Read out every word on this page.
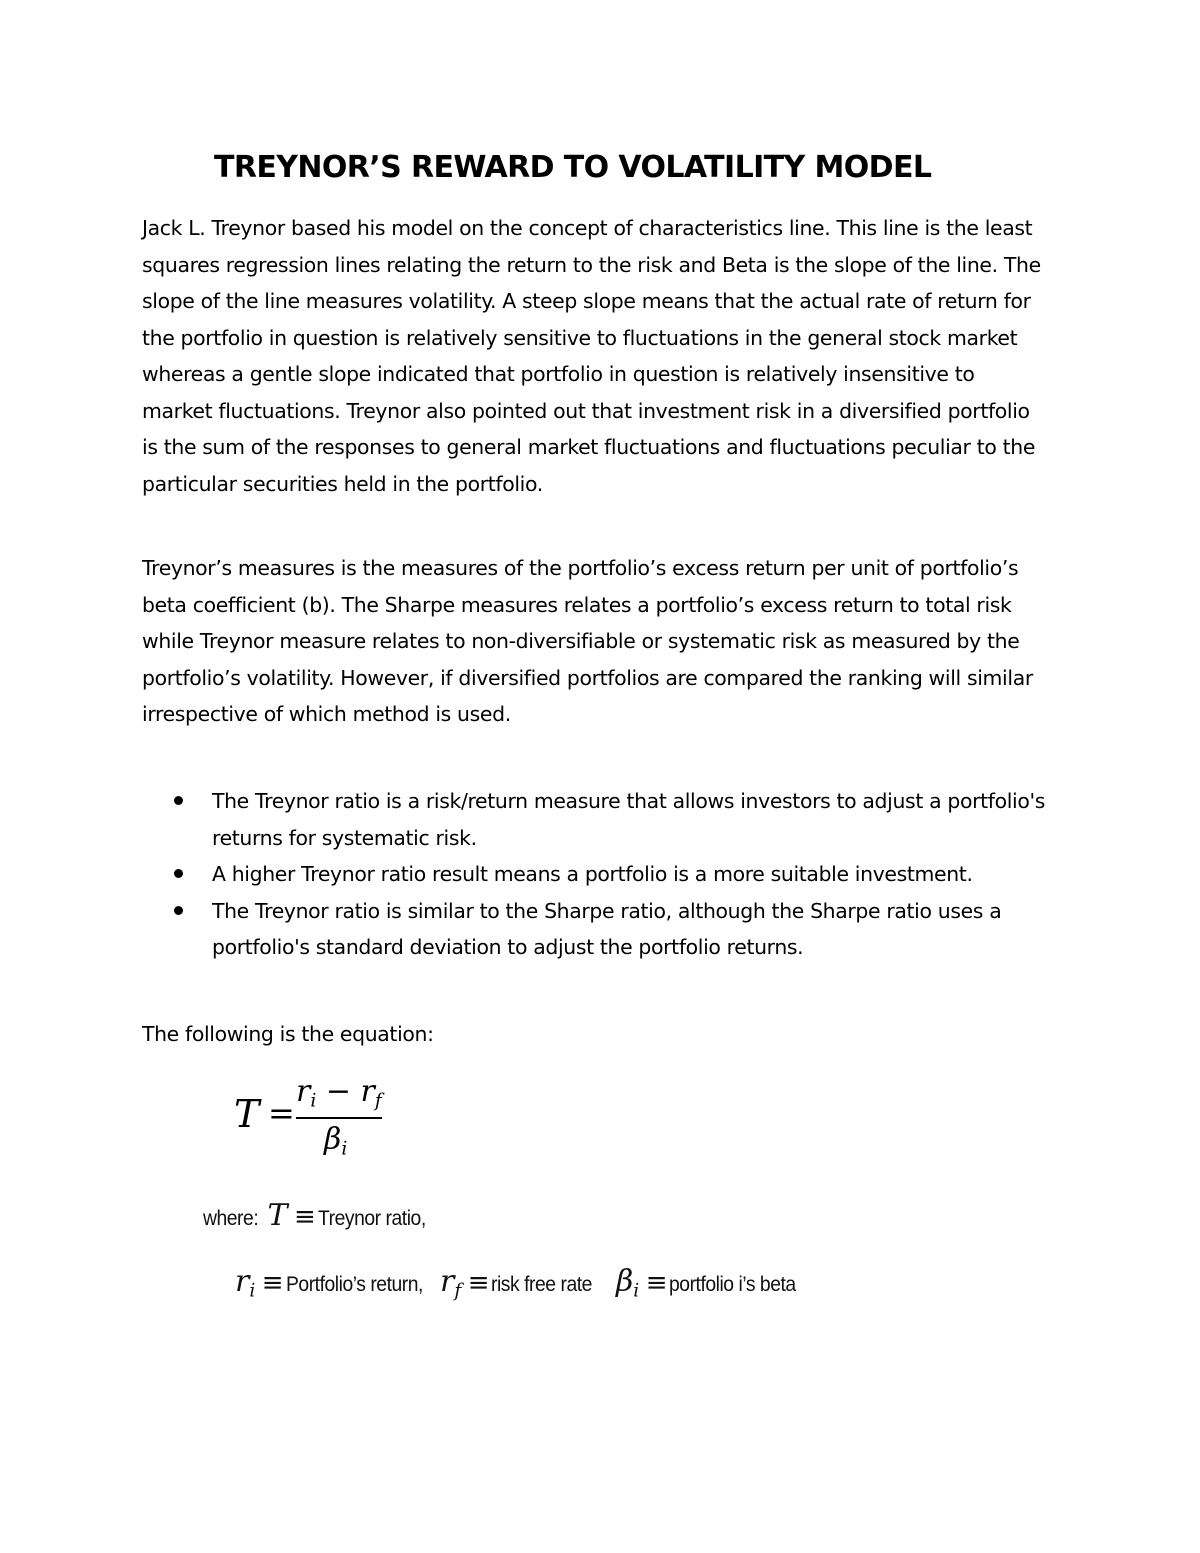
TREYNOR’S REWARD TO VOLATILITY MODEL

Jack L. Treynor based his model on the concept of characteristics line. This line is the least squares regression lines relating the return to the risk and Beta is the slope of the line. The slope of the line measures volatility. A steep slope means that the actual rate of return for the portfolio in question is relatively sensitive to fluctuations in the general stock market whereas a gentle slope indicated that portfolio in question is relatively insensitive to market fluctuations. Treynor also pointed out that investment risk in a diversified portfolio is the sum of the responses to general market fluctuations and fluctuations peculiar to the particular securities held in the portfolio.

Treynor’s measures is the measures of the portfolio’s excess return per unit of portfolio’s beta coefficient (b). The Sharpe measures relates a portfolio’s excess return to total risk while Treynor measure relates to non-diversifiable or systematic risk as measured by the portfolio’s volatility. However, if diversified portfolios are compared the ranking will similar irrespective of which method is used.

The Treynor ratio is a risk/return measure that allows investors to adjust a portfolio's returns for systematic risk.
A higher Treynor ratio result means a portfolio is a more suitable investment.
The Treynor ratio is similar to the Sharpe ratio, although the Sharpe ratio uses a portfolio's standard deviation to adjust the portfolio returns.

The following is the equation:

T =
$r_i - r_f$
$\beta_i$
where: T ≡Treynor ratio,
$r_i$ ≡Portfolio’s return, $r_f$ ≡risk free rate $\beta_i$ ≡portfolio i’s beta
